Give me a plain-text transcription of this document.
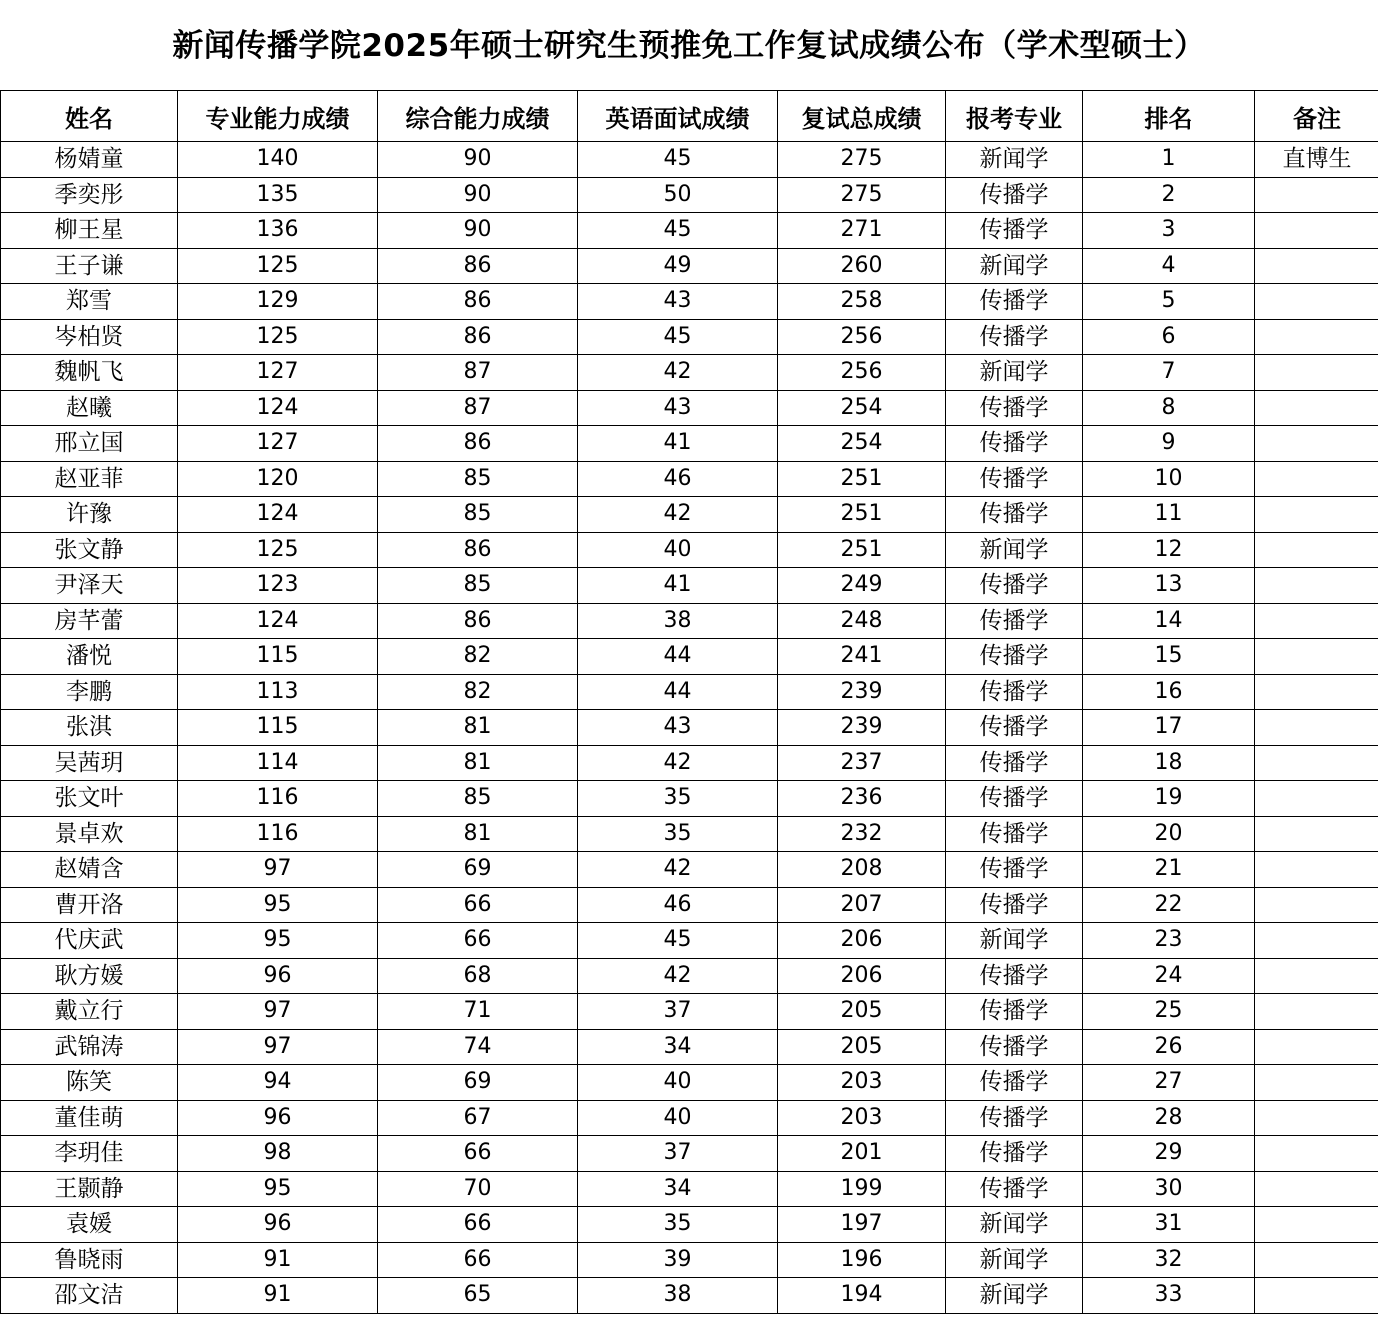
新闻传播学院2025年硕士研究生预推免工作复试成绩公布（学术型硕士）
姓名	专业能力成绩	综合能力成绩	英语面试成绩	复试总成绩	报考专业	排名	备注
杨婧童	140	90	45	275	新闻学	1	直博生
季奕彤	135	90	50	275	传播学	2	
柳王星	136	90	45	271	传播学	3	
王子谦	125	86	49	260	新闻学	4	
郑雪	129	86	43	258	传播学	5	
岑柏贤	125	86	45	256	传播学	6	
魏帆飞	127	87	42	256	新闻学	7	
赵曦	124	87	43	254	传播学	8	
邢立国	127	86	41	254	传播学	9	
赵亚菲	120	85	46	251	传播学	10	
许豫	124	85	42	251	传播学	11	
张文静	125	86	40	251	新闻学	12	
尹泽天	123	85	41	249	传播学	13	
房芊蕾	124	86	38	248	传播学	14	
潘悦	115	82	44	241	传播学	15	
李鹏	113	82	44	239	传播学	16	
张淇	115	81	43	239	传播学	17	
吴茜玥	114	81	42	237	传播学	18	
张文叶	116	85	35	236	传播学	19	
景卓欢	116	81	35	232	传播学	20	
赵婧含	97	69	42	208	传播学	21	
曹开洛	95	66	46	207	传播学	22	
代庆武	95	66	45	206	新闻学	23	
耿方媛	96	68	42	206	传播学	24	
戴立行	97	71	37	205	传播学	25	
武锦涛	97	74	34	205	传播学	26	
陈笑	94	69	40	203	传播学	27	
董佳萌	96	67	40	203	传播学	28	
李玥佳	98	66	37	201	传播学	29	
王颢静	95	70	34	199	传播学	30	
袁媛	96	66	35	197	新闻学	31	
鲁晓雨	91	66	39	196	新闻学	32	
邵文洁	91	65	38	194	新闻学	33	
